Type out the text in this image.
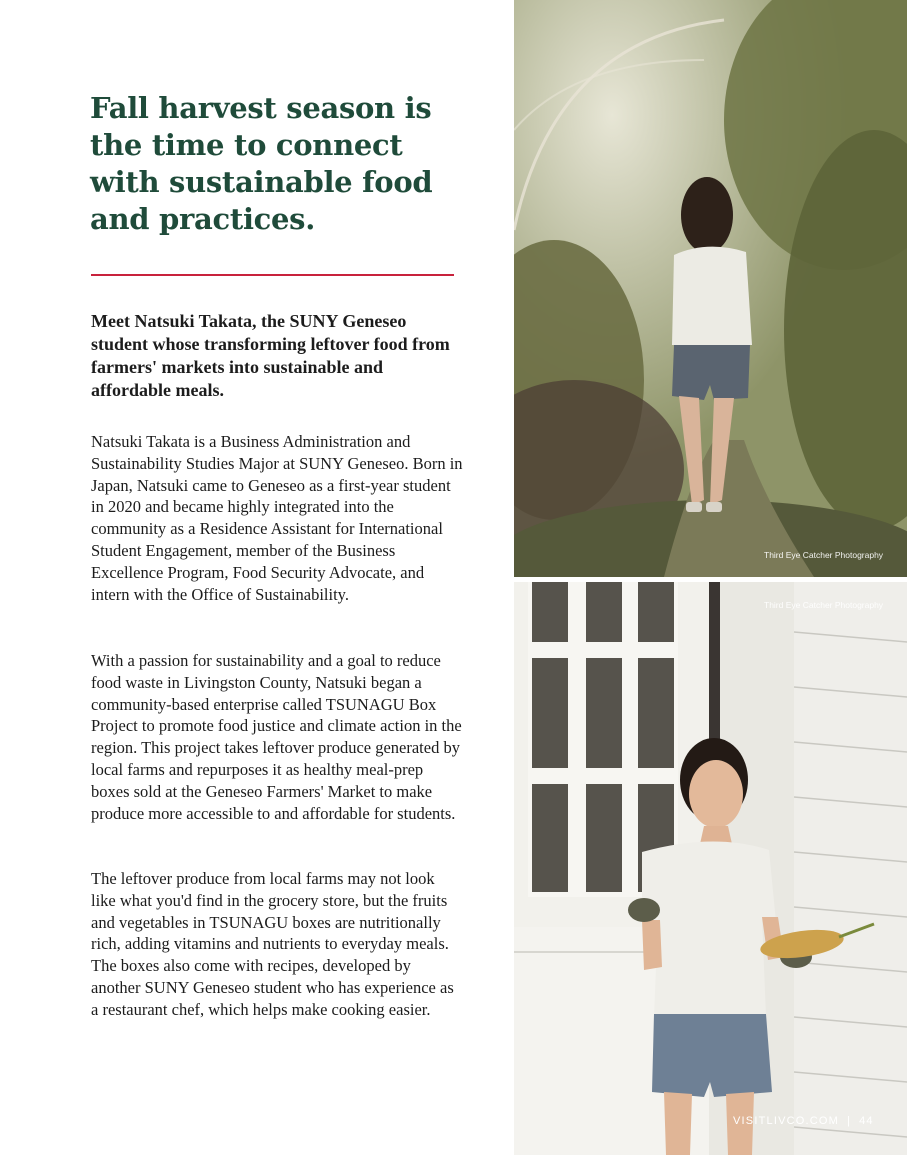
Fall harvest season is the time to connect with sustainable food and practices.

Meet Natsuki Takata, the SUNY Geneseo student whose transforming leftover food from farmers' markets into sustainable and affordable meals.

Natsuki Takata is a Business Administration and Sustainability Studies Major at SUNY Geneseo. Born in Japan, Natsuki came to Geneseo as a first-year student in 2020 and became highly integrated into the community as a Residence Assistant for International Student Engagement, member of the Business Excellence Program, Food Security Advocate, and intern with the Office of Sustainability.

With a passion for sustainability and a goal to reduce food waste in Livingston County, Natsuki began a community-based enterprise called TSUNAGU Box Project to promote food justice and climate action in the region. This project takes leftover produce generated by local farms and repurposes it as healthy meal-prep boxes sold at the Geneseo Farmers' Market to make produce more accessible to and affordable for students.

The leftover produce from local farms may not look like what you'd find in the grocery store, but the fruits and vegetables in TSUNAGU boxes are nutritionally rich, adding vitamins and nutrients to everyday meals. The boxes also come with recipes, developed by another SUNY Geneseo student who has experience as a restaurant chef, which helps make cooking easier.

Third Eye Catcher Photography
Third Eye Catcher Photography
VISITLIVCO.COM | 44
